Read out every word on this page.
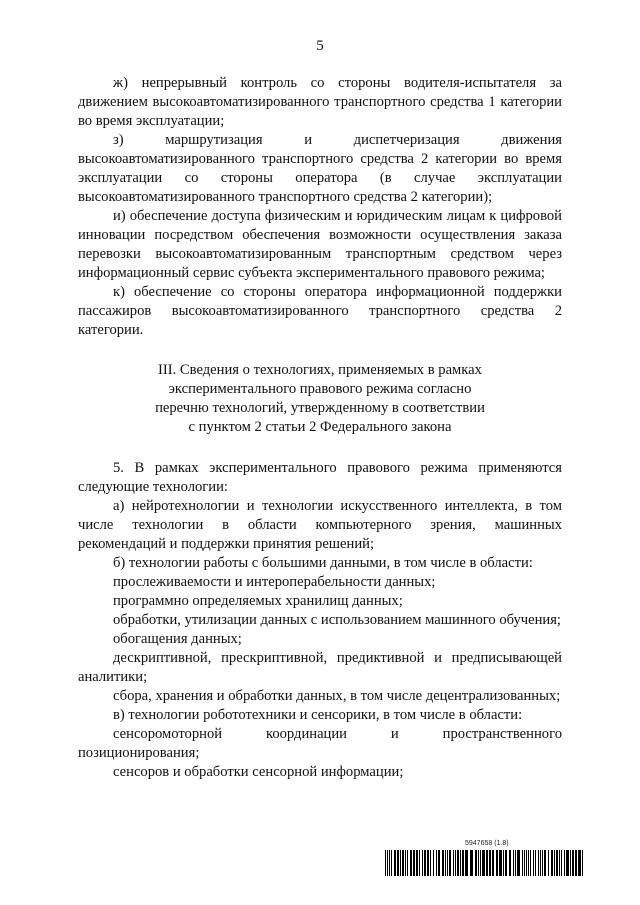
5

ж) непрерывный контроль со стороны водителя-испытателя за движением высокоавтоматизированного транспортного средства 1 категории во время эксплуатации;

з) маршрутизация и диспетчеризация движения высокоавтоматизированного транспортного средства 2 категории во время эксплуатации со стороны оператора (в случае эксплуатации высокоавтоматизированного транспортного средства 2 категории);

и) обеспечение доступа физическим и юридическим лицам к цифровой инновации посредством обеспечения возможности осуществления заказа перевозки высокоавтоматизированным транспортным средством через информационный сервис субъекта экспериментального правового режима;

к) обеспечение со стороны оператора информационной поддержки пассажиров высокоавтоматизированного транспортного средства 2 категории.

III. Сведения о технологиях, применяемых в рамках
экспериментального правового режима согласно
перечню технологий, утвержденному в соответствии
с пунктом 2 статьи 2 Федерального закона

5. В рамках экспериментального правового режима применяются следующие технологии:

а) нейротехнологии и технологии искусственного интеллекта, в том числе технологии в области компьютерного зрения, машинных рекомендаций и поддержки принятия решений;

б) технологии работы с большими данными, в том числе в области:

прослеживаемости и интероперабельности данных;

программно определяемых хранилищ данных;

обработки, утилизации данных с использованием машинного обучения;

обогащения данных;

дескриптивной, прескриптивной, предиктивной и предписывающей аналитики;

сбора, хранения и обработки данных, в том числе децентрализованных;

в) технологии робототехники и сенсорики, в том числе в области:

сенсоромоторной координации и пространственного позиционирования;

сенсоров и обработки сенсорной информации;

5947658 (1.8)
